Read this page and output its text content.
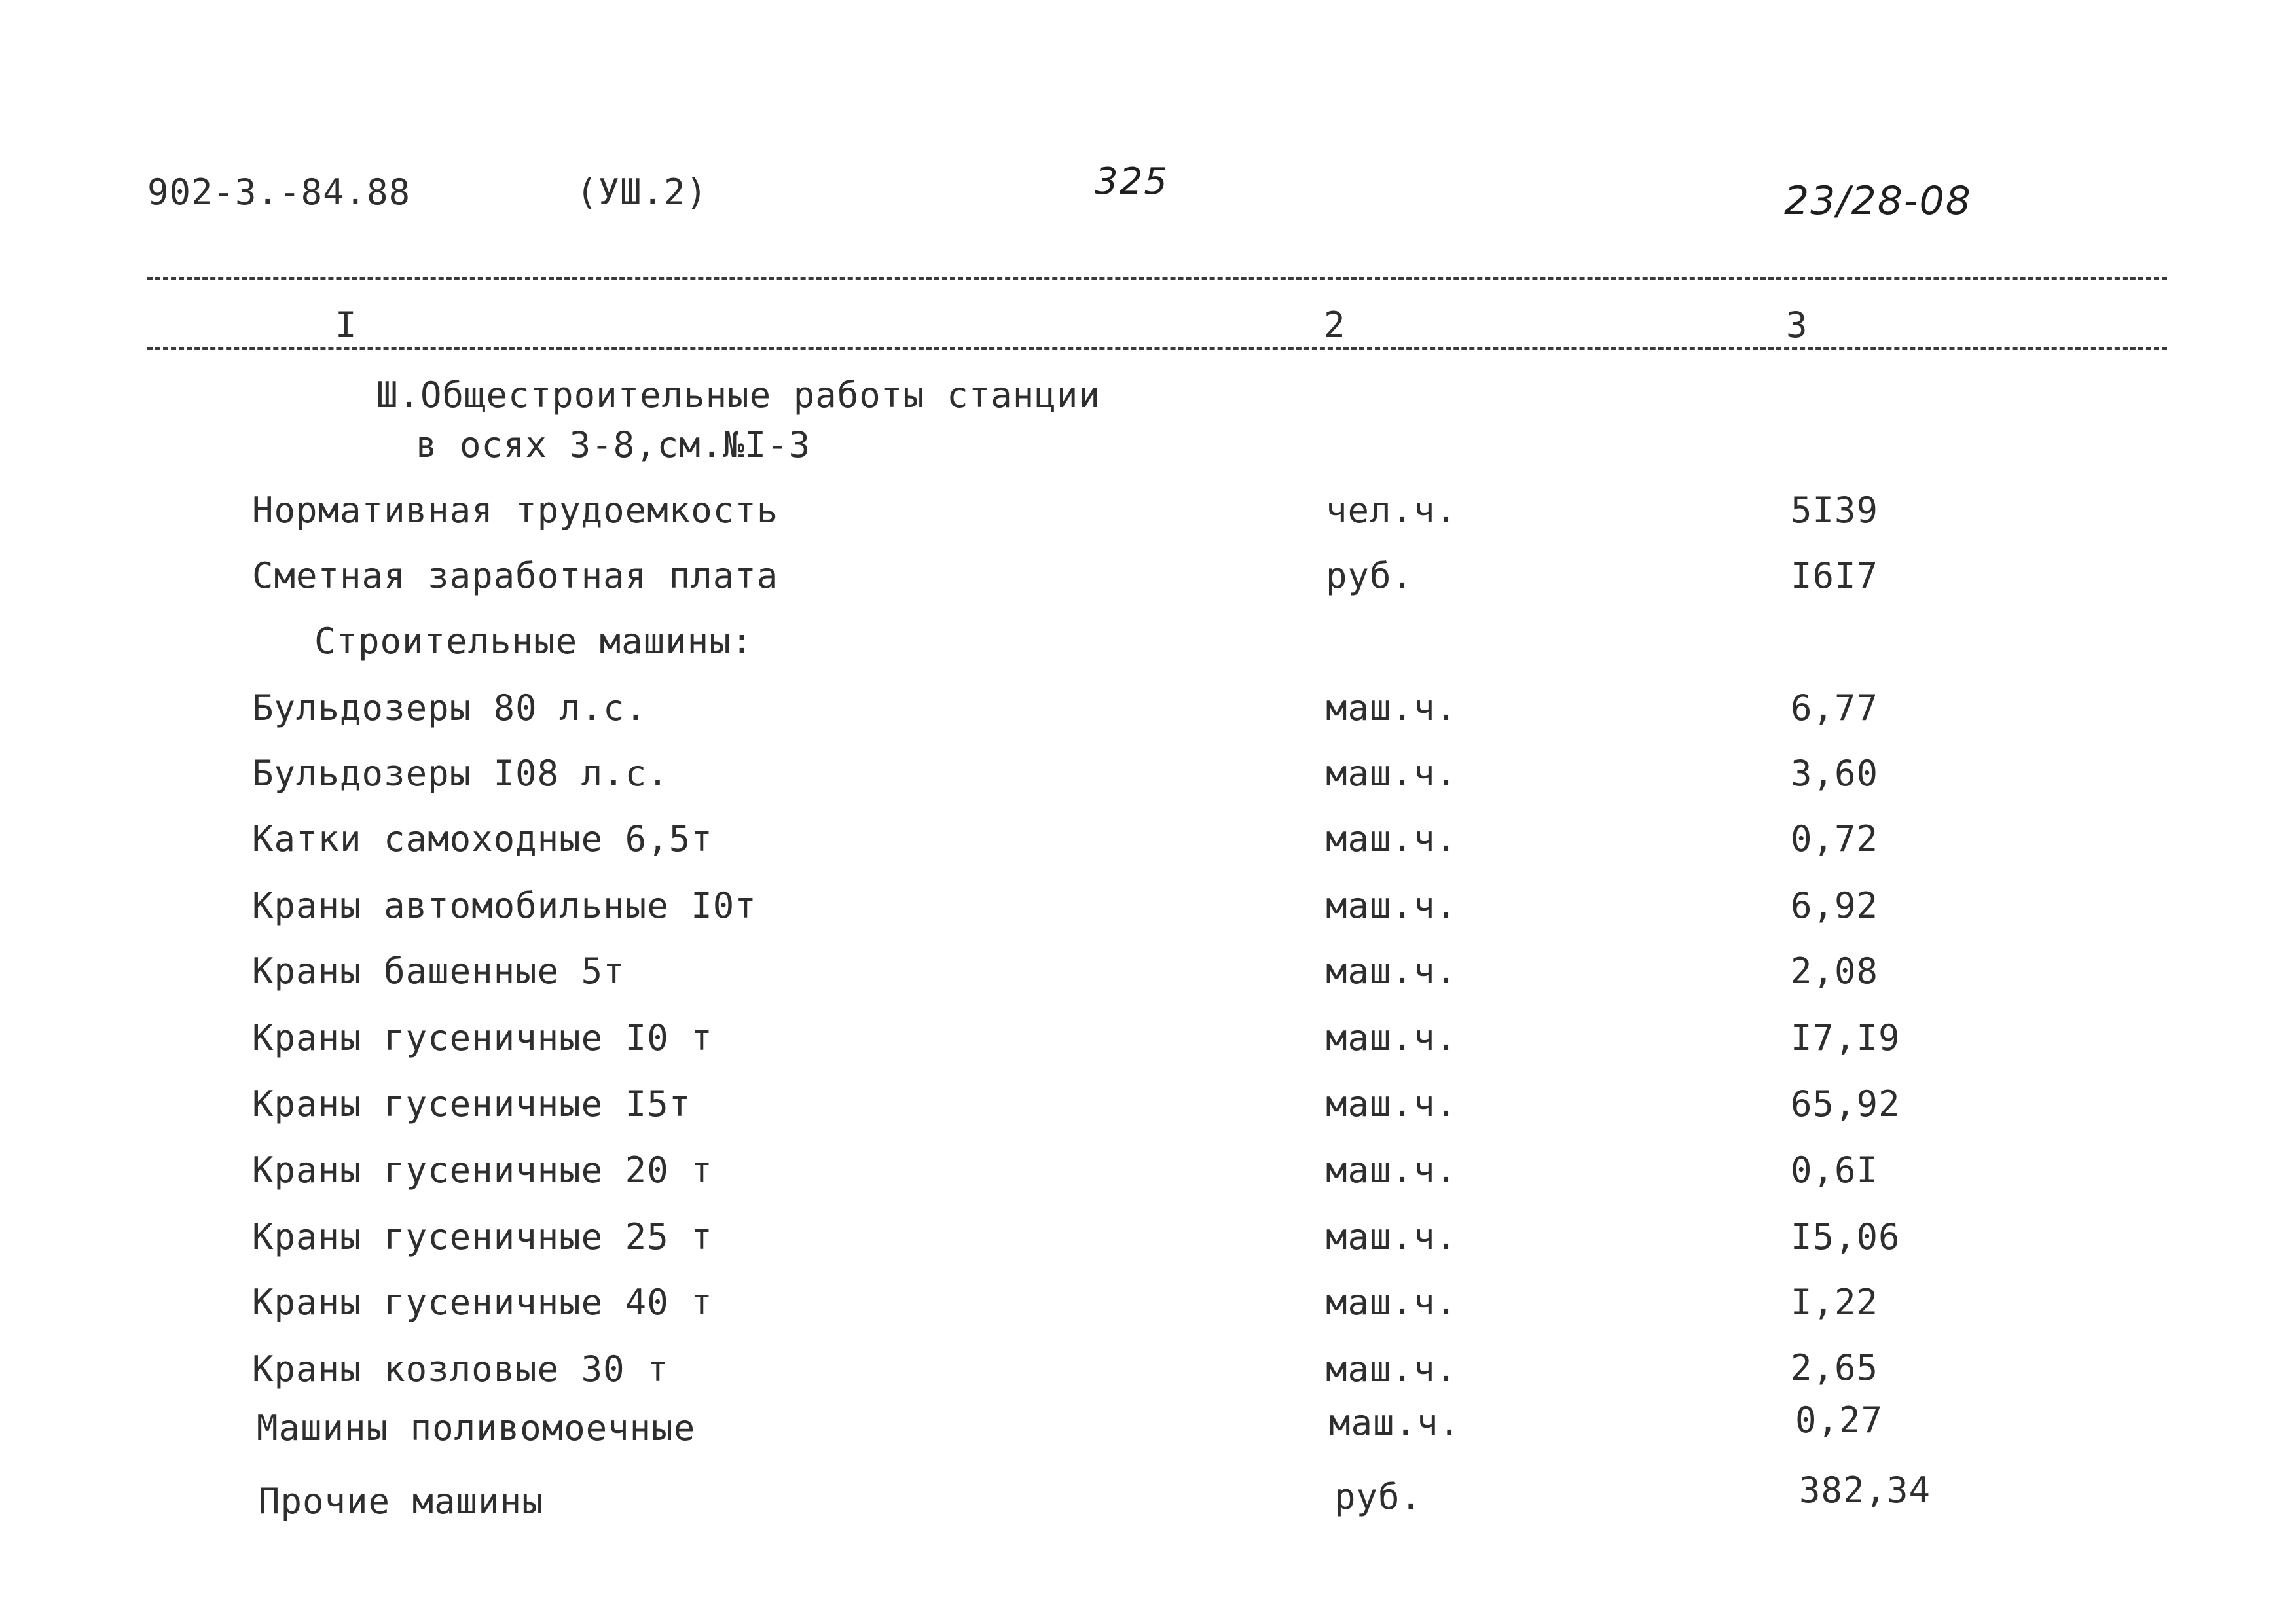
902-3.-84.88	(УШ.2)	325	23/28-08
I	2	3
Ш.Общестроительные работы станции
в осях 3-8,см.№I-3
Нормативная трудоемкость	чел.ч.	5I39
Сметная заработная плата	руб.	I6I7
Строительные машины:
Бульдозеры 80 л.с.	маш.ч.	6,77
Бульдозеры I08 л.с.	маш.ч.	3,60
Катки самоходные 6,5т	маш.ч.	0,72
Краны автомобильные I0т	маш.ч.	6,92
Краны башенные 5т	маш.ч.	2,08
Краны гусеничные I0 т	маш.ч.	I7,I9
Краны гусеничные I5т	маш.ч.	65,92
Краны гусеничные 20 т	маш.ч.	0,6I
Краны гусеничные 25 т	маш.ч.	I5,06
Краны гусеничные 40 т	маш.ч.	I,22
Краны козловые 30 т	маш.ч.	2,65
Машины поливомоечные	маш.ч.	0,27
Прочие машины	руб.	382,34
